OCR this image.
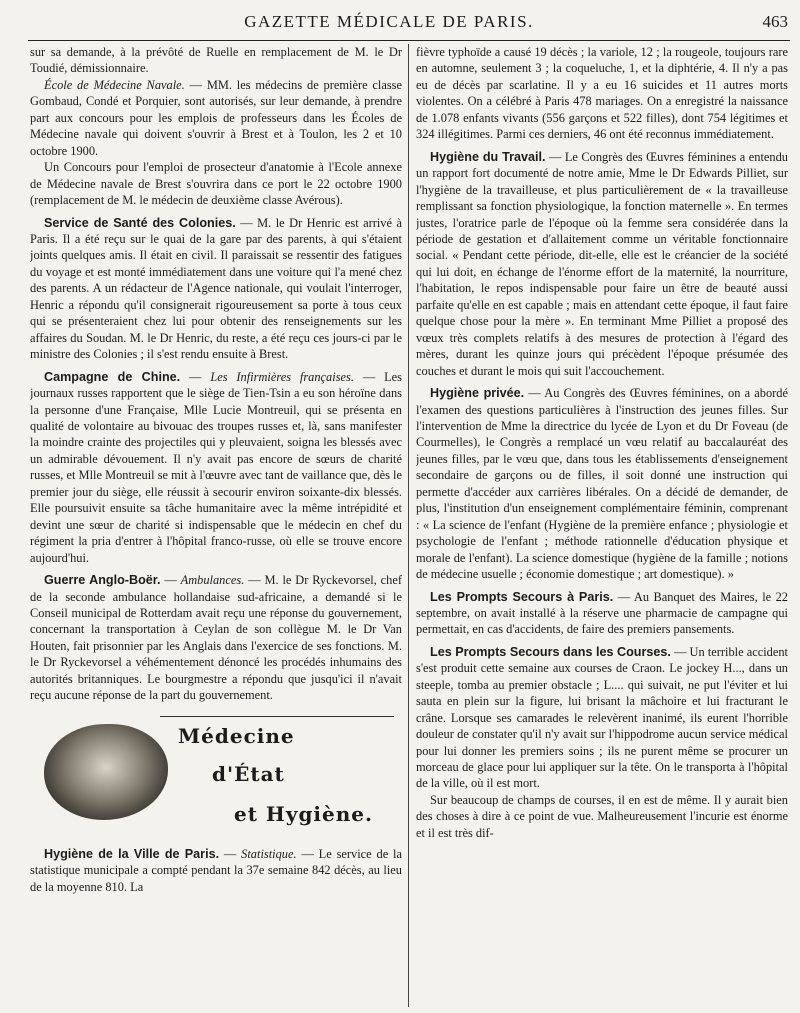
GAZETTE MÉDICALE DE PARIS.	463

sur sa demande, à la prévôté de Ruelle en remplacement de M. le Dr Toudié, démissionnaire.

École de Médecine Navale. — MM. les médecins de première classe Gombaud, Condé et Porquier, sont autorisés, sur leur demande, à prendre part aux concours pour les emplois de professeurs dans les Écoles de Médecine navale qui doivent s'ouvrir à Brest et à Toulon, les 2 et 10 octobre 1900.

Un Concours pour l'emploi de prosecteur d'anatomie à l'Ecole annexe de Médecine navale de Brest s'ouvrira dans ce port le 22 octobre 1900 (remplacement de M. le médecin de deuxième classe Avérous).

Service de Santé des Colonies. — M. le Dr Henric est arrivé à Paris. Il a été reçu sur le quai de la gare par des parents, à qui s'étaient joints quelques amis. Il était en civil. Il paraissait se ressentir des fatigues du voyage et est monté immédiatement dans une voiture qui l'a mené chez des parents. A un rédacteur de l'Agence nationale, qui voulait l'interroger, Henric a répondu qu'il consignerait rigoureusement sa porte à tous ceux qui se présenteraient chez lui pour obtenir des renseignements sur les affaires du Soudan. M. le Dr Henric, du reste, a été reçu ces jours-ci par le ministre des Colonies ; il s'est rendu ensuite à Brest.

Campagne de Chine. — Les Infirmières françaises. — Les journaux russes rapportent que le siège de Tien-Tsin a eu son héroïne dans la personne d'une Française, Mlle Lucie Montreuil, qui se présenta en qualité de volontaire au bivouac des troupes russes et, là, sans manifester la moindre crainte des projectiles qui y pleuvaient, soigna les blessés avec un admirable dévouement. Il n'y avait pas encore de sœurs de charité russes, et Mlle Montreuil se mit à l'œuvre avec tant de vaillance que, dès le premier jour du siège, elle réussit à secourir environ soixante-dix blessés. Elle poursuivit ensuite sa tâche humanitaire avec la même intrépidité et devint une sœur de charité si indispensable que le médecin en chef du régiment la pria d'entrer à l'hôpital franco-russe, où elle se trouve encore aujourd'hui.

Guerre Anglo-Boër. — Ambulances. — M. le Dr Ryckevorsel, chef de la seconde ambulance hollandaise sud-africaine, a demandé si le Conseil municipal de Rotterdam avait reçu une réponse du gouvernement, concernant la transportation à Ceylan de son collègue M. le Dr Van Houten, fait prisonnier par les Anglais dans l'exercice de ses fonctions. M. le Dr Ryckevorsel a véhémentement dénoncé les procédés inhumains des autorités britanniques. Le bourgmestre a répondu que jusqu'ici il n'avait reçu aucune réponse de la part du gouvernement.

Médecine
d'État
et Hygiène.

Hygiène de la Ville de Paris. — Statistique. — Le service de la statistique municipale a compté pendant la 37e semaine 842 décès, au lieu de la moyenne 810. La

fièvre typhoïde a causé 19 décès ; la variole, 12 ; la rougeole, toujours rare en automne, seulement 3 ; la coqueluche, 1, et la diphtérie, 4. Il n'y a pas eu de décès par scarlatine. Il y a eu 16 suicides et 11 autres morts violentes. On a célébré à Paris 478 mariages. On a enregistré la naissance de 1.078 enfants vivants (556 garçons et 522 filles), dont 754 légitimes et 324 illégitimes. Parmi ces derniers, 46 ont été reconnus immédiatement.

Hygiène du Travail. — Le Congrès des Œuvres féminines a entendu un rapport fort documenté de notre amie, Mme le Dr Edwards Pilliet, sur l'hygiène de la travailleuse, et plus particulièrement de « la travailleuse remplissant sa fonction physiologique, la fonction maternelle ». En termes justes, l'oratrice parle de l'époque où la femme sera considérée dans la période de gestation et d'allaitement comme un véritable fonctionnaire social. « Pendant cette période, dit-elle, elle est le créancier de la société qui lui doit, en échange de l'énorme effort de la maternité, la nourriture, l'habitation, le repos indispensable pour faire un être de beauté aussi parfaite qu'elle en est capable ; mais en attendant cette époque, il faut faire quelque chose pour la mère ». En terminant Mme Pilliet a proposé des vœux très complets relatifs à des mesures de protection à l'égard des mères, durant les quinze jours qui précèdent l'époque présumée des couches et durant le mois qui suit l'accouchement.

Hygiène privée. — Au Congrès des Œuvres féminines, on a abordé l'examen des questions particulières à l'instruction des jeunes filles. Sur l'intervention de Mme la directrice du lycée de Lyon et du Dr Foveau (de Courmelles), le Congrès a remplacé un vœu relatif au baccalauréat des jeunes filles, par le vœu que, dans tous les établissements d'enseignement secondaire de garçons ou de filles, il soit donné une instruction qui permette d'accéder aux carrières libérales. On a décidé de demander, de plus, l'institution d'un enseignement complémentaire féminin, comprenant : « La science de l'enfant (Hygiène de la première enfance ; physiologie et psychologie de l'enfant ; méthode rationnelle d'éducation physique et morale de l'enfant). La science domestique (hygiène de la famille ; notions de médecine usuelle ; économie domestique ; art domestique). »

Les Prompts Secours à Paris. — Au Banquet des Maires, le 22 septembre, on avait installé à la réserve une pharmacie de campagne qui permettait, en cas d'accidents, de faire des premiers pansements.

Les Prompts Secours dans les Courses. — Un terrible accident s'est produit cette semaine aux courses de Craon. Le jockey H..., dans un steeple, tomba au premier obstacle ; L.... qui suivait, ne put l'éviter et lui sauta en plein sur la figure, lui brisant la mâchoire et lui fracturant le crâne. Lorsque ses camarades le relevèrent inanimé, ils eurent l'horrible douleur de constater qu'il n'y avait sur l'hippodrome aucun service médical pour lui donner les premiers soins ; ils ne purent même se procurer un morceau de glace pour lui appliquer sur la tête. On le transporta à l'hôpital de la ville, où il est mort.

Sur beaucoup de champs de courses, il en est de même. Il y aurait bien des choses à dire à ce point de vue. Malheureusement l'incurie est énorme et il est très dif-
